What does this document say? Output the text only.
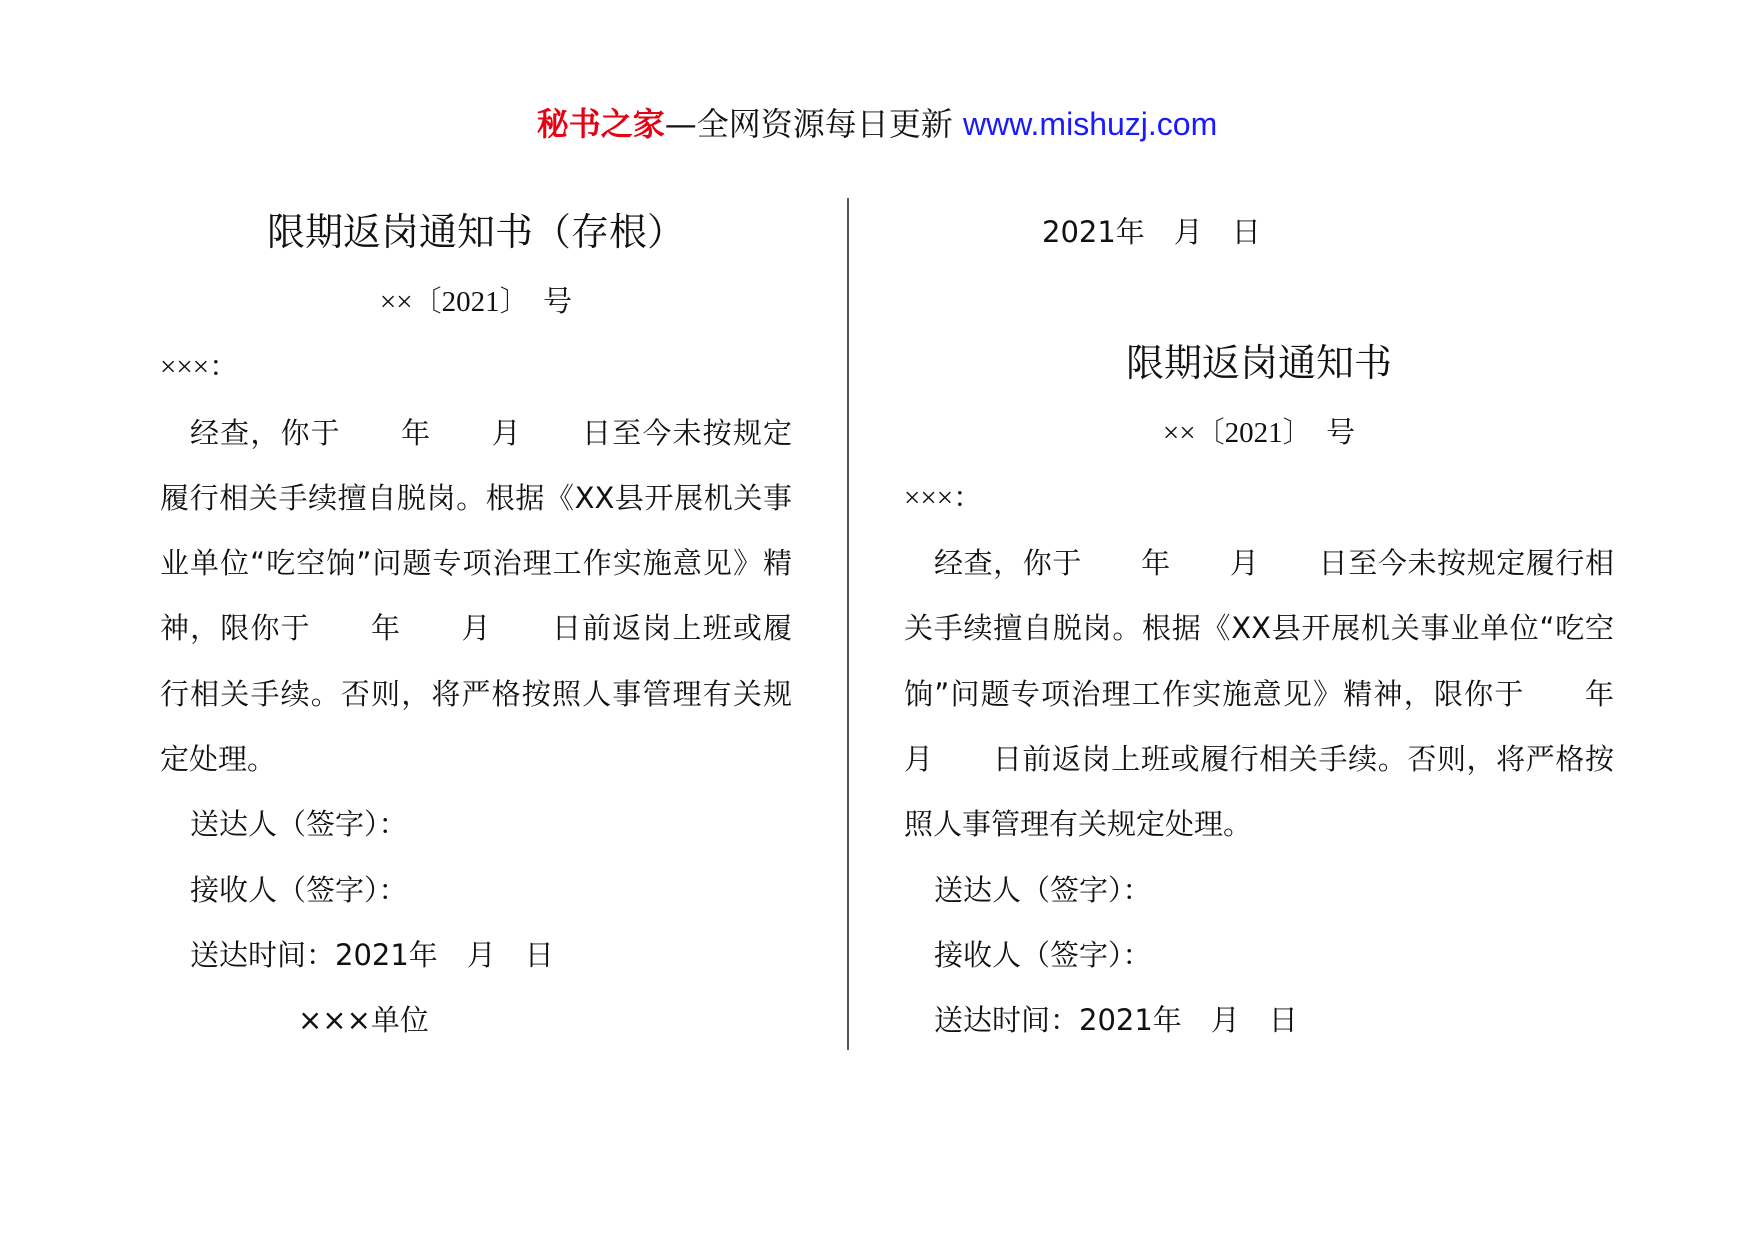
秘书之家—全网资源每日更新 www.mishuzj.com

限期返岗通知书（存根）

××〔2021〕　号

×××：

经查，你于　　年　　月　　日至今未按规定履行相关手续擅自脱岗。根据《XX县开展机关事业单位“吃空饷”问题专项治理工作实施意见》精神，限你于　　年　　月　　日前返岗上班或履行相关手续。否则，将严格按照人事管理有关规定处理。

送达人（签字）：

接收人（签字）：

送达时间：2021年　月　日

×××单位

2021年　月　日

限期返岗通知书

××〔2021〕　号

×××：

经查，你于　　年　　月　　日至今未按规定履行相关手续擅自脱岗。根据《XX县开展机关事业单位“吃空饷”问题专项治理工作实施意见》精神，限你于　　年　　月　　日前返岗上班或履行相关手续。否则，将严格按照人事管理有关规定处理。

送达人（签字）：

接收人（签字）：

送达时间：2021年　月　日
